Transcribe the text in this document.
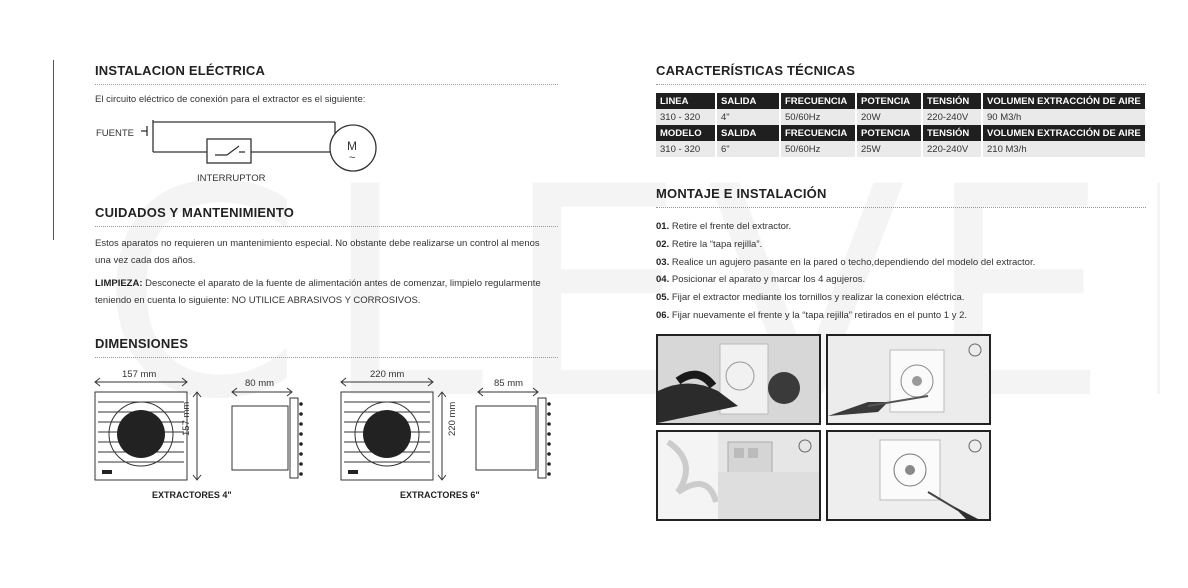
INSTALACION ELÉCTRICA
El circuito eléctrico de conexión para el extractor es el siguiente:
FUENTE
M
~
INTERRUPTOR
CUIDADOS Y MANTENIMIENTO
Estos aparatos no requieren un mantenimiento especial. No obstante debe realizarse un control al menos
una vez cada dos años.
LIMPIEZA: Desconecte el aparato de la fuente de alimentación antes de comenzar, limpielo regularmente
teniendo en cuenta lo siguiente: NO UTILICE ABRASIVOS Y CORROSIVOS.
DIMENSIONES
157 mm
80 mm
157 mm
EXTRACTORES 4"
220 mm
85 mm
220 mm
EXTRACTORES 6"
CARACTERÍSTICAS TÉCNICAS
LINEA	SALIDA	FRECUENCIA	POTENCIA	TENSIÓN	VOLUMEN EXTRACCIÓN DE AIRE
310 - 320	4"	50/60Hz	20W	220-240V	90 M3/h
MODELO	SALIDA	FRECUENCIA	POTENCIA	TENSIÓN	VOLUMEN EXTRACCIÓN DE AIRE
310 - 320	6"	50/60Hz	25W	220-240V	210 M3/h
MONTAJE E INSTALACIÓN
01. Retire el frente del extractor.
02. Retire la “tapa rejilla”.
03. Realice un agujero pasante en la pared o techo,dependiendo del modelo del extractor.
04. Posicionar el aparato y marcar los 4 agujeros.
05. Fijar el extractor mediante los tornillos y realizar la conexion eléctrica.
06. Fijar nuevamente el frente y la “tapa rejilla” retirados en el punto 1 y 2.
